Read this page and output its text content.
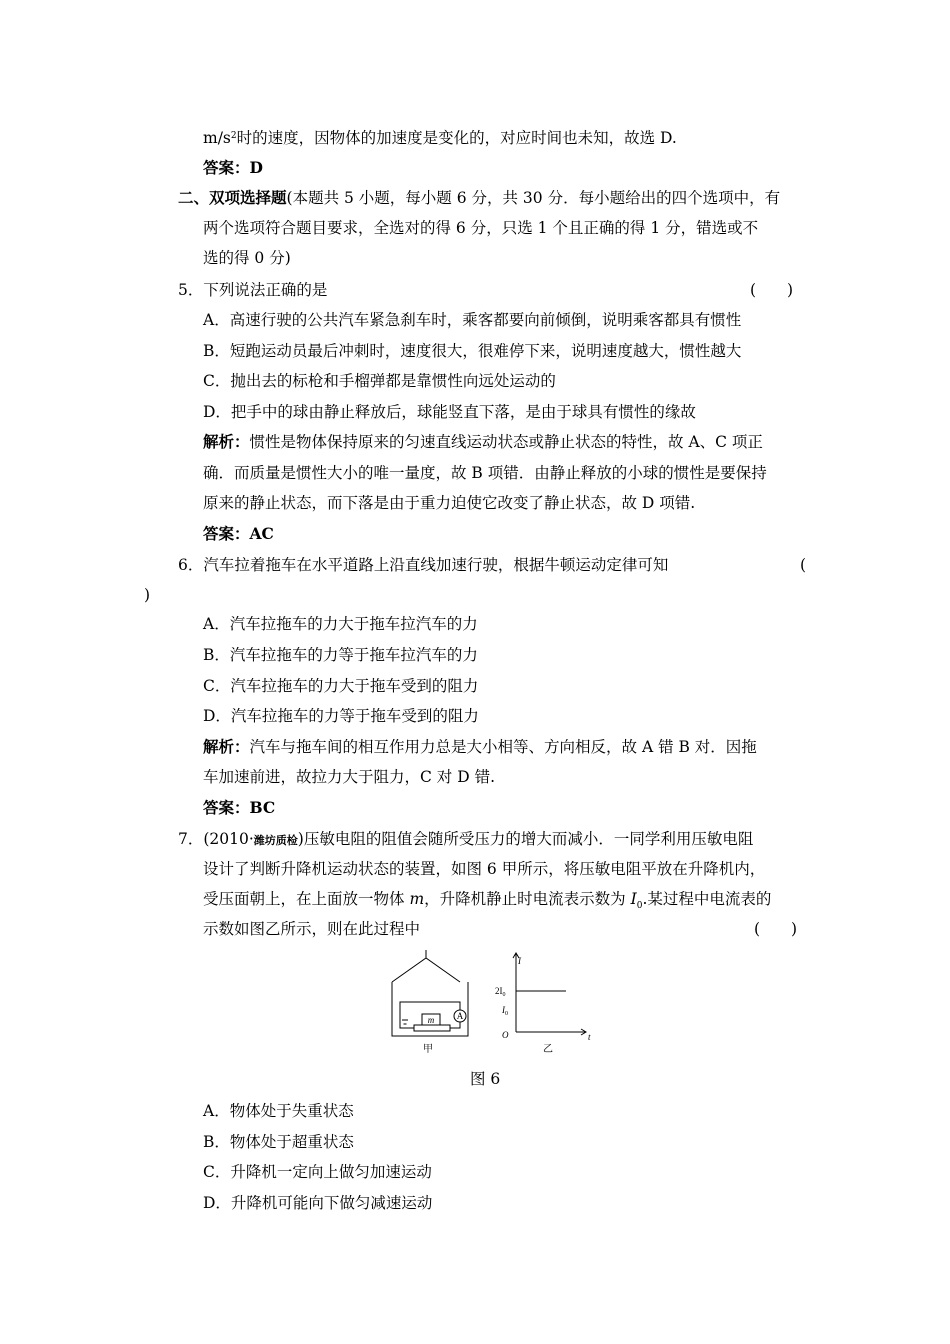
$m/s^2$时的速度，因物体的加速度是变化的，对应时间也未知，故选 D.
答案：D
二、双项选择题(本题共 5 小题，每小题 6 分，共 30 分．每小题给出的四个选项中，有
两个选项符合题目要求，全选对的得 6 分，只选 1 个且正确的得 1 分，错选或不
选的得 0 分)
5．下列说法正确的是	(　　)
A．高速行驶的公共汽车紧急刹车时，乘客都要向前倾倒，说明乘客都具有惯性
B．短跑运动员最后冲刺时，速度很大，很难停下来，说明速度越大，惯性越大
C．抛出去的标枪和手榴弹都是靠惯性向远处运动的
D．把手中的球由静止释放后，球能竖直下落，是由于球具有惯性的缘故
解析：惯性是物体保持原来的匀速直线运动状态或静止状态的特性，故 A、C 项正
确．而质量是惯性大小的唯一量度，故 B 项错．由静止释放的小球的惯性是要保持
原来的静止状态，而下落是由于重力迫使它改变了静止状态，故 D 项错.
答案：AC
6．汽车拉着拖车在水平道路上沿直线加速行驶，根据牛顿运动定律可知	(
)
A．汽车拉拖车的力大于拖车拉汽车的力
B．汽车拉拖车的力等于拖车拉汽车的力
C．汽车拉拖车的力大于拖车受到的阻力
D．汽车拉拖车的力等于拖车受到的阻力
解析：汽车与拖车间的相互作用力总是大小相等、方向相反，故 A 错 B 对．因拖
车加速前进，故拉力大于阻力，C 对 D 错.
答案：BC
7．(2010·潍坊质检)压敏电阻的阻值会随所受压力的增大而减小．一同学利用压敏电阻
设计了判断升降机运动状态的装置，如图 6 甲所示，将压敏电阻平放在升降机内，
受压面朝上，在上面放一物体 m，升降机静止时电流表示数为 $I_0$.某过程中电流表的
示数如图乙所示，则在此过程中	(　　)
m	A
甲
I
t
O
$2I_0$
$I_0$
乙
图 6
A．物体处于失重状态
B．物体处于超重状态
C．升降机一定向上做匀加速运动
D．升降机可能向下做匀减速运动
